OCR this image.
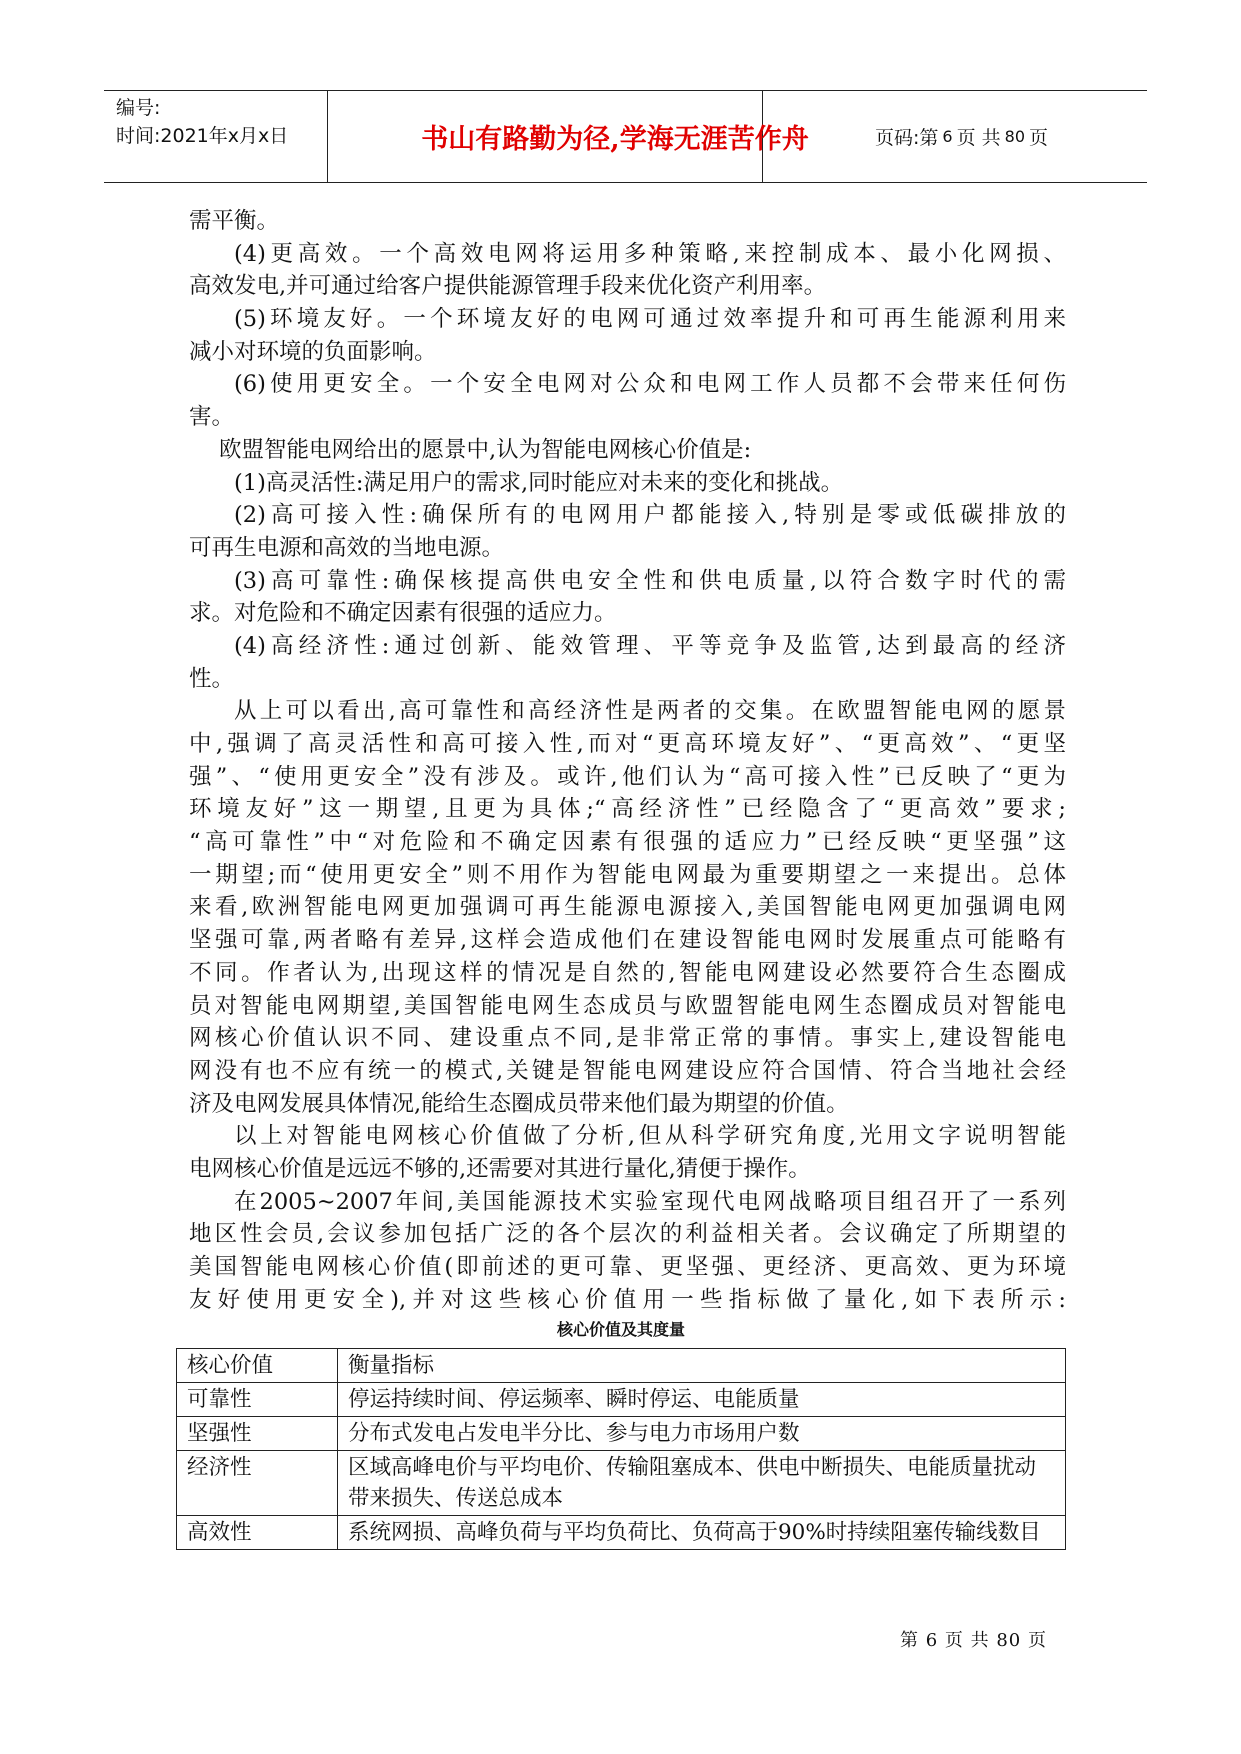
编号:
时间:2021年x月x日	书山有路勤为径,学海无涯苦作舟	页码:第 6 页 共 80 页
需平衡。
(4)更高效。一个高效电网将运用多种策略,来控制成本、最小化网损、
高效发电,并可通过给客户提供能源管理手段来优化资产利用率。
(5)环境友好。一个环境友好的电网可通过效率提升和可再生能源利用来
减小对环境的负面影响。
(6)使用更安全。一个安全电网对公众和电网工作人员都不会带来任何伤
害。
欧盟智能电网给出的愿景中,认为智能电网核心价值是:
(1)高灵活性:满足用户的需求,同时能应对未来的变化和挑战。
(2)高可接入性:确保所有的电网用户都能接入,特别是零或低碳排放的
可再生电源和高效的当地电源。
(3)高可靠性:确保核提高供电安全性和供电质量,以符合数字时代的需
求。对危险和不确定因素有很强的适应力。
(4)高经济性:通过创新、能效管理、平等竞争及监管,达到最高的经济
性。
从上可以看出,高可靠性和高经济性是两者的交集。在欧盟智能电网的愿景
中,强调了高灵活性和高可接入性,而对“更高环境友好”、“更高效”、“更坚
强”、“使用更安全”没有涉及。或许,他们认为“高可接入性”已反映了“更为
环境友好”这一期望,且更为具体;“高经济性”已经隐含了“更高效”要求;
“高可靠性”中“对危险和不确定因素有很强的适应力”已经反映“更坚强”这
一期望;而“使用更安全”则不用作为智能电网最为重要期望之一来提出。总体
来看,欧洲智能电网更加强调可再生能源电源接入,美国智能电网更加强调电网
坚强可靠,两者略有差异,这样会造成他们在建设智能电网时发展重点可能略有
不同。作者认为,出现这样的情况是自然的,智能电网建设必然要符合生态圈成
员对智能电网期望,美国智能电网生态成员与欧盟智能电网生态圈成员对智能电
网核心价值认识不同、建设重点不同,是非常正常的事情。事实上,建设智能电
网没有也不应有统一的模式,关键是智能电网建设应符合国情、符合当地社会经
济及电网发展具体情况,能给生态圈成员带来他们最为期望的价值。
以上对智能电网核心价值做了分析,但从科学研究角度,光用文字说明智能
电网核心价值是远远不够的,还需要对其进行量化,猜便于操作。
在2005~2007年间,美国能源技术实验室现代电网战略项目组召开了一系列
地区性会员,会议参加包括广泛的各个层次的利益相关者。会议确定了所期望的
美国智能电网核心价值(即前述的更可靠、更坚强、更经济、更高效、更为环境
友好使用更安全),并对这些核心价值用一些指标做了量化,如下表所示:
核心价值及其度量
核心价值	衡量指标
可靠性	停运持续时间、停运频率、瞬时停运、电能质量
坚强性	分布式发电占发电半分比、参与电力市场用户数
经济性	区域高峰电价与平均电价、传输阻塞成本、供电中断损失、电能质量扰动带来损失、传送总成本
高效性	系统网损、高峰负荷与平均负荷比、负荷高于90%时持续阻塞传输线数目
第 6 页 共 80 页
